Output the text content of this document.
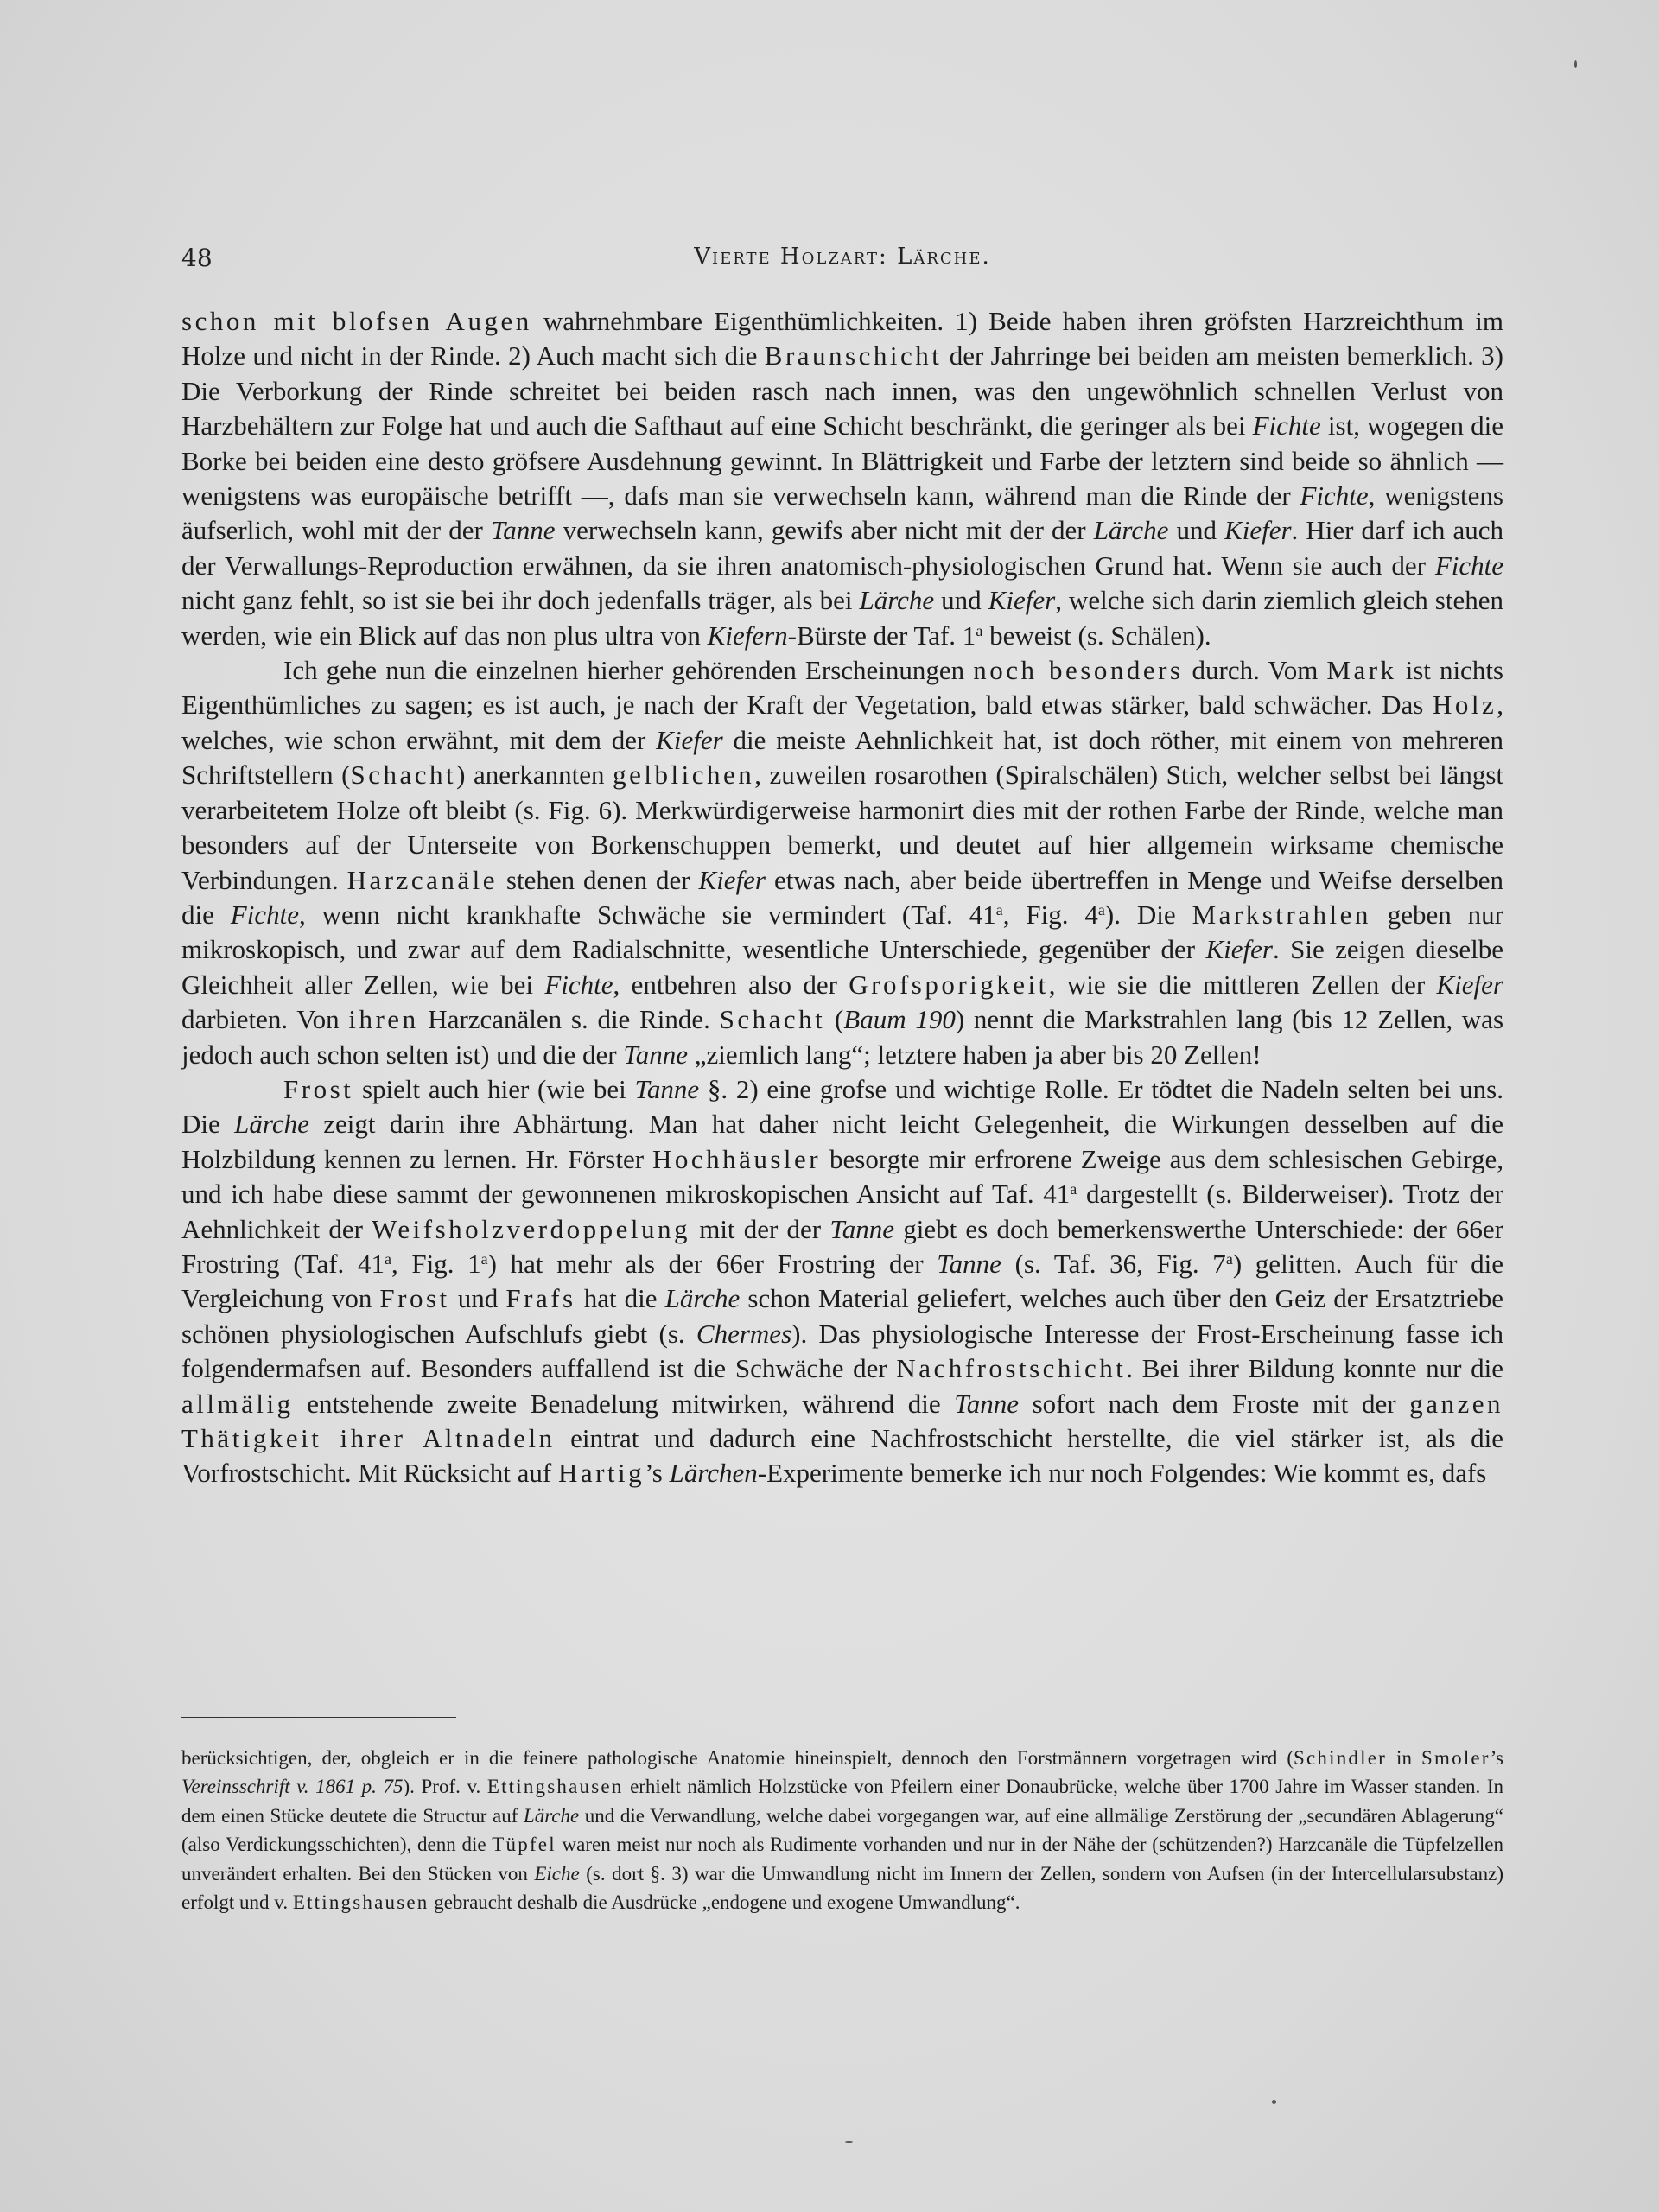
48	Vierte Holzart: Lärche.

schon mit blofsen Augen wahrnehmbare Eigenthümlichkeiten. 1) Beide haben ihren gröfsten Harzreichthum im Holze und nicht in der Rinde. 2) Auch macht sich die Braunschicht der Jahrringe bei beiden am meisten bemerklich. 3) Die Verborkung der Rinde schreitet bei beiden rasch nach innen, was den ungewöhnlich schnellen Verlust von Harzbehältern zur Folge hat und auch die Safthaut auf eine Schicht beschränkt, die geringer als bei Fichte ist, wogegen die Borke bei beiden eine desto gröfsere Ausdehnung gewinnt. In Blättrigkeit und Farbe der letztern sind beide so ähnlich — wenigstens was europäische betrifft —, dafs man sie verwechseln kann, während man die Rinde der Fichte, wenigstens äufserlich, wohl mit der der Tanne verwechseln kann, gewifs aber nicht mit der der Lärche und Kiefer. Hier darf ich auch der Verwallungs-Reproduction erwähnen, da sie ihren anatomisch-physiologischen Grund hat. Wenn sie auch der Fichte nicht ganz fehlt, so ist sie bei ihr doch jedenfalls träger, als bei Lärche und Kiefer, welche sich darin ziemlich gleich stehen werden, wie ein Blick auf das non plus ultra von Kiefern-Bürste der Taf. 1$^a$ beweist (s. Schälen).

Ich gehe nun die einzelnen hierher gehörenden Erscheinungen noch besonders durch. Vom Mark ist nichts Eigenthümliches zu sagen; es ist auch, je nach der Kraft der Vegetation, bald etwas stärker, bald schwächer. Das Holz, welches, wie schon erwähnt, mit dem der Kiefer die meiste Aehnlichkeit hat, ist doch röther, mit einem von mehreren Schriftstellern (Schacht) anerkannten gelblichen, zuweilen rosarothen (Spiralschälen) Stich, welcher selbst bei längst verarbeitetem Holze oft bleibt (s. Fig. 6). Merkwürdigerweise harmonirt dies mit der rothen Farbe der Rinde, welche man besonders auf der Unterseite von Borkenschuppen bemerkt, und deutet auf hier allgemein wirksame chemische Verbindungen. Harzcanäle stehen denen der Kiefer etwas nach, aber beide übertreffen in Menge und Weifse derselben die Fichte, wenn nicht krankhafte Schwäche sie vermindert (Taf. 41$^a$, Fig. 4$^a$). Die Markstrahlen geben nur mikroskopisch, und zwar auf dem Radialschnitte, wesentliche Unterschiede, gegenüber der Kiefer. Sie zeigen dieselbe Gleichheit aller Zellen, wie bei Fichte, entbehren also der Grofsporigkeit, wie sie die mittleren Zellen der Kiefer darbieten. Von ihren Harzcanälen s. die Rinde. Schacht (Baum 190) nennt die Markstrahlen lang (bis 12 Zellen, was jedoch auch schon selten ist) und die der Tanne „ziemlich lang“; letztere haben ja aber bis 20 Zellen!

Frost spielt auch hier (wie bei Tanne §. 2) eine grofse und wichtige Rolle. Er tödtet die Nadeln selten bei uns. Die Lärche zeigt darin ihre Abhärtung. Man hat daher nicht leicht Gelegenheit, die Wirkungen desselben auf die Holzbildung kennen zu lernen. Hr. Förster Hochhäusler besorgte mir erfrorene Zweige aus dem schlesischen Gebirge, und ich habe diese sammt der gewonnenen mikroskopischen Ansicht auf Taf. 41$^a$ dargestellt (s. Bilderweiser). Trotz der Aehnlichkeit der Weifsholzverdoppelung mit der der Tanne giebt es doch bemerkenswerthe Unterschiede: der 66er Frostring (Taf. 41$^a$, Fig. 1$^a$) hat mehr als der 66er Frostring der Tanne (s. Taf. 36, Fig. 7$^a$) gelitten. Auch für die Vergleichung von Frost und Frafs hat die Lärche schon Material geliefert, welches auch über den Geiz der Ersatztriebe schönen physiologischen Aufschlufs giebt (s. Chermes). Das physiologische Interesse der Frost-Erscheinung fasse ich folgendermafsen auf. Besonders auffallend ist die Schwäche der Nachfrostschicht. Bei ihrer Bildung konnte nur die allmälig entstehende zweite Benadelung mitwirken, während die Tanne sofort nach dem Froste mit der ganzen Thätigkeit ihrer Altnadeln eintrat und dadurch eine Nachfrostschicht herstellte, die viel stärker ist, als die Vorfrostschicht. Mit Rücksicht auf Hartig’s Lärchen-Experimente bemerke ich nur noch Folgendes: Wie kommt es, dafs

berücksichtigen, der, obgleich er in die feinere pathologische Anatomie hineinspielt, dennoch den Forstmännern vorgetragen wird (Schindler in Smoler’s Vereinsschrift v. 1861 p. 75). Prof. v. Ettingshausen erhielt nämlich Holzstücke von Pfeilern einer Donaubrücke, welche über 1700 Jahre im Wasser standen. In dem einen Stücke deutete die Structur auf Lärche und die Verwandlung, welche dabei vorgegangen war, auf eine allmälige Zerstörung der „secundären Ablagerung“ (also Verdickungsschichten), denn die Tüpfel waren meist nur noch als Rudimente vorhanden und nur in der Nähe der (schützenden?) Harzcanäle die Tüpfelzellen unverändert erhalten. Bei den Stücken von Eiche (s. dort §. 3) war die Umwandlung nicht im Innern der Zellen, sondern von Aufsen (in der Intercellularsubstanz) erfolgt und v. Ettingshausen gebraucht deshalb die Ausdrücke „endogene und exogene Umwandlung“.
